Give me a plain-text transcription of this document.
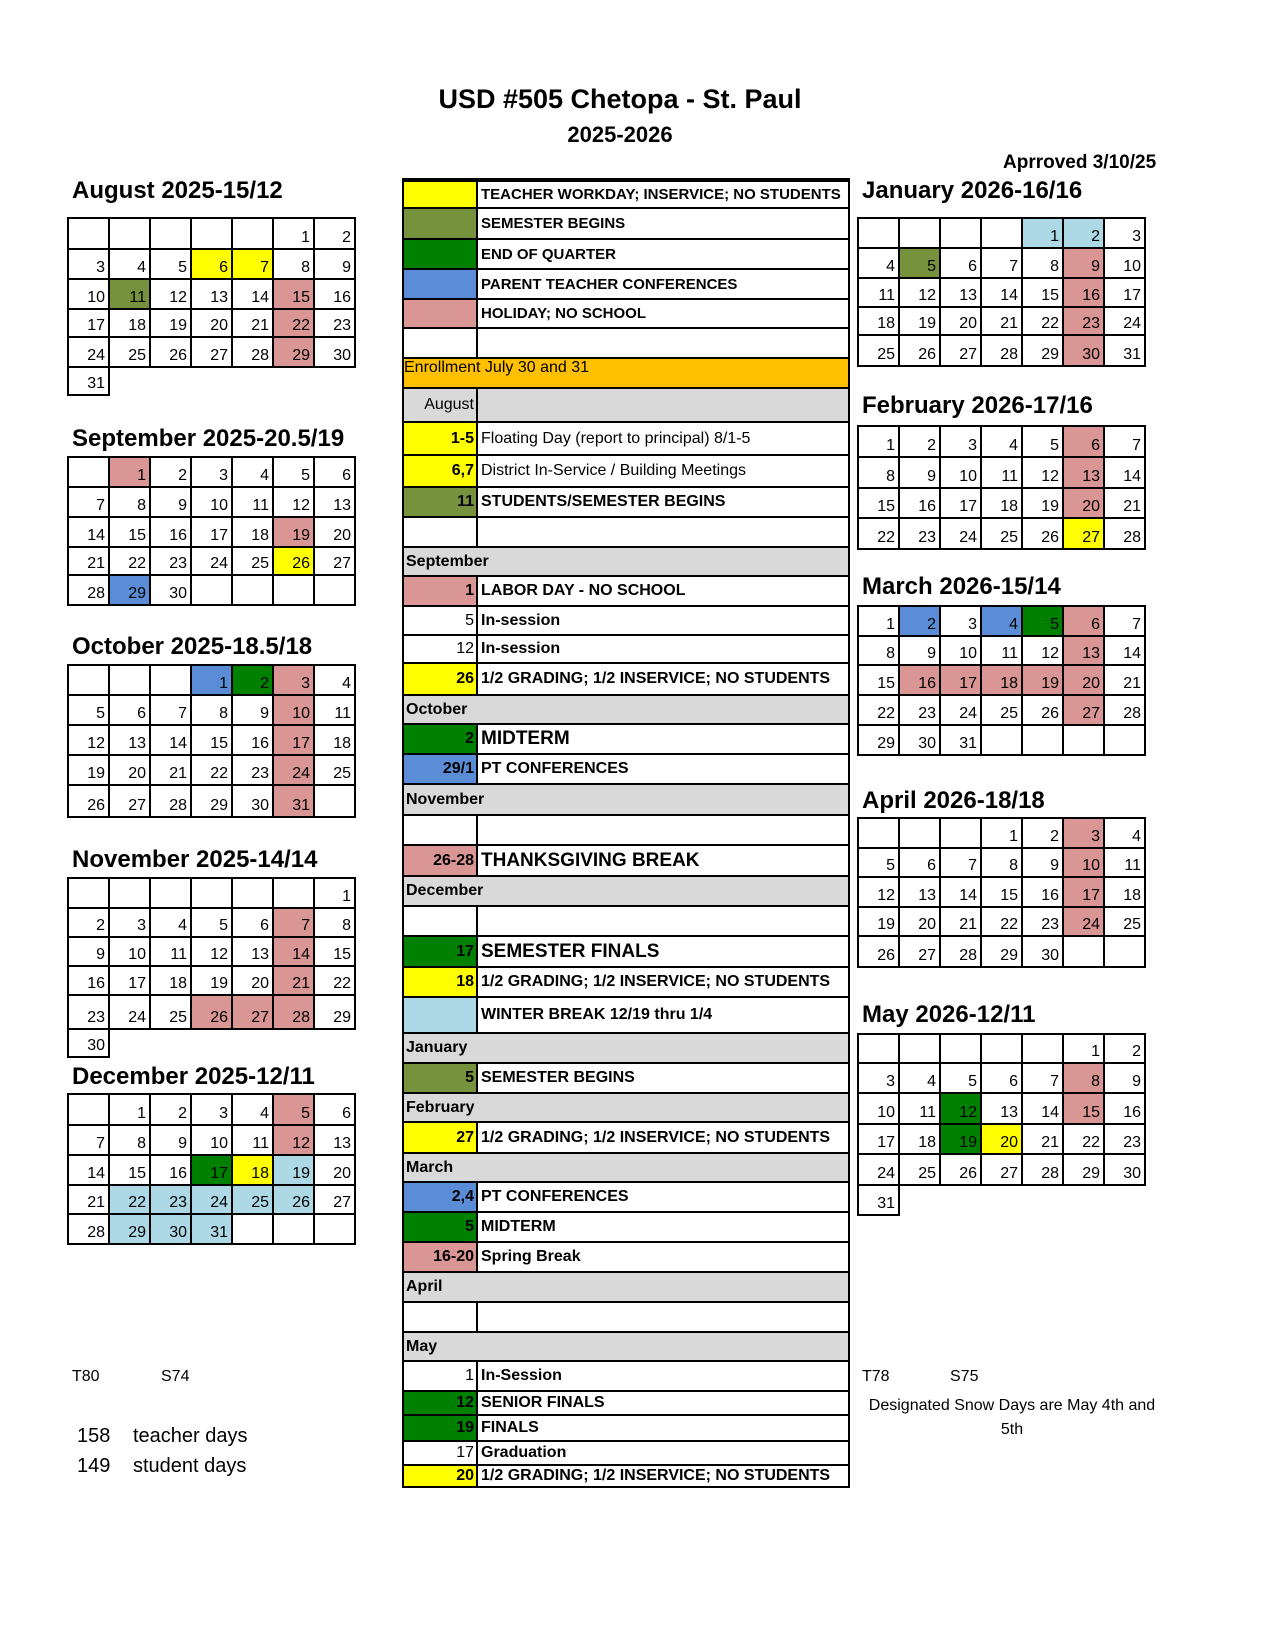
USD #505 Chetopa - St. Paul
2025-2026
Aprroved 3/10/25
August 2025-15/12
September 2025-20.5/19
October 2025-18.5/18
November 2025-14/14
December 2025-12/11
January 2026-16/16
February 2026-17/16
March 2026-15/14
April 2026-18/18
May 2026-12/11
					1	2
3	4	5	6	7	8	9
10	11	12	13	14	15	16
17	18	19	20	21	22	23
24	25	26	27	28	29	30
31						
	1	2	3	4	5	6
7	8	9	10	11	12	13
14	15	16	17	18	19	20
21	22	23	24	25	26	27
28	29	30				
			1	2	3	4
5	6	7	8	9	10	11
12	13	14	15	16	17	18
19	20	21	22	23	24	25
26	27	28	29	30	31	
						1
2	3	4	5	6	7	8
9	10	11	12	13	14	15
16	17	18	19	20	21	22
23	24	25	26	27	28	29
30						
	1	2	3	4	5	6
7	8	9	10	11	12	13
14	15	16	17	18	19	20
21	22	23	24	25	26	27
28	29	30	31			
				1	2	3
4	5	6	7	8	9	10
11	12	13	14	15	16	17
18	19	20	21	22	23	24
25	26	27	28	29	30	31
1	2	3	4	5	6	7
8	9	10	11	12	13	14
15	16	17	18	19	20	21
22	23	24	25	26	27	28
1	2	3	4	5	6	7
8	9	10	11	12	13	14
15	16	17	18	19	20	21
22	23	24	25	26	27	28
29	30	31				
			1	2	3	4
5	6	7	8	9	10	11
12	13	14	15	16	17	18
19	20	21	22	23	24	25
26	27	28	29	30		
					1	2
3	4	5	6	7	8	9
10	11	12	13	14	15	16
17	18	19	20	21	22	23
24	25	26	27	28	29	30
31						
TEACHER WORKDAY; INSERVICE; NO STUDENTS
SEMESTER BEGINS
END OF QUARTER
PARENT TEACHER CONFERENCES
HOLIDAY; NO SCHOOL
Enrollment July 30 and 31
August
1-5 Floating Day (report to principal) 8/1-5
6,7 District In-Service / Building Meetings
11 STUDENTS/SEMESTER BEGINS
September
1 LABOR DAY - NO SCHOOL
5 In-session
12 In-session
26 1/2 GRADING; 1/2 INSERVICE; NO STUDENTS
October
2 MIDTERM
29/1 PT CONFERENCES
November
26-28 THANKSGIVING BREAK
December
17 SEMESTER FINALS
18 1/2 GRADING; 1/2 INSERVICE; NO STUDENTS
WINTER BREAK 12/19 thru 1/4
January
5 SEMESTER BEGINS
February
27 1/2 GRADING; 1/2 INSERVICE; NO STUDENTS
March
2,4 PT CONFERENCES
5 MIDTERM
16-20 Spring Break
April
May
1 In-Session
12 SENIOR FINALS
19 FINALS
17 Graduation
20 1/2 GRADING; 1/2 INSERVICE; NO STUDENTS
T80	S74
158 teacher days
149 student days
T78	S75
Designated Snow Days are May 4th and 5th
